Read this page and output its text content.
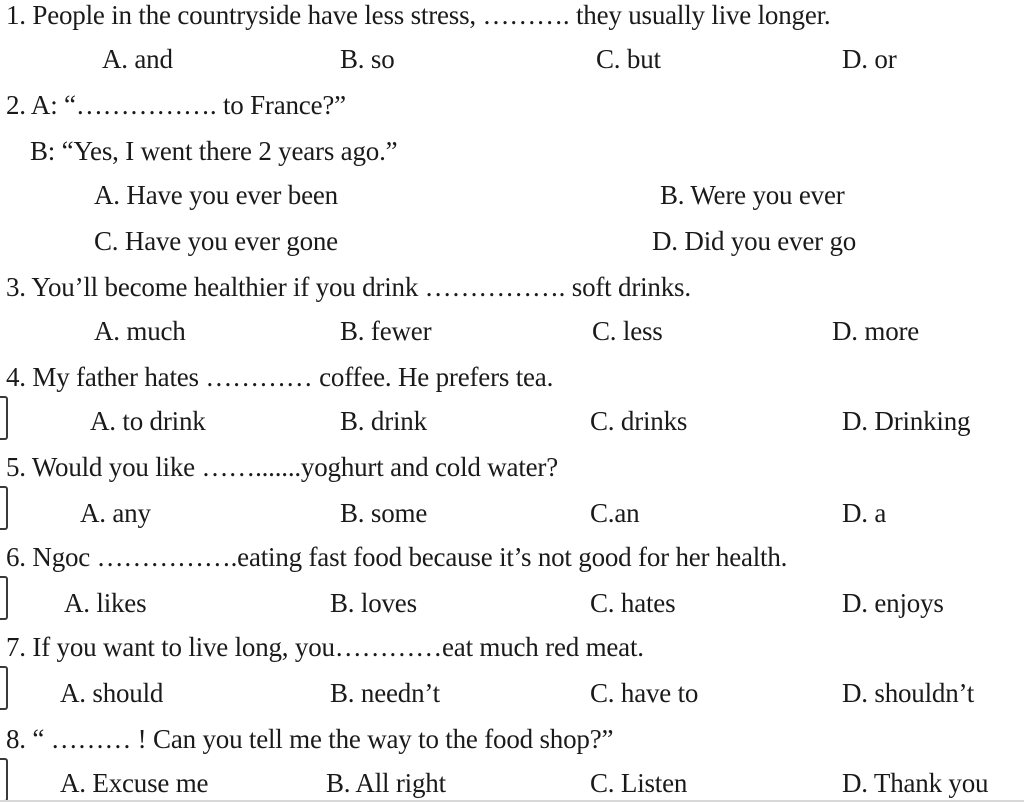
1. People in the countryside have less stress, ………. they usually live longer.
A. and	B. so	C. but	D. or
2. A: “……………. to France?”
B: “Yes, I went there 2 years ago.”
A. Have you ever been	B. Were you ever
C. Have you ever gone	D. Did you ever go
3. You’ll become healthier if you drink ……………. soft drinks.
A. much	B. fewer	C. less	D. more
4. My father hates ………… coffee. He prefers tea.
A. to drink	B. drink	C. drinks	D. Drinking
5. Would you like …….......yoghurt and cold water?
A. any	B. some	C.an	D. a
6. Ngoc …………….eating fast food because it’s not good for her health.
A. likes	B. loves	C. hates	D. enjoys
7. If you want to live long, you…………eat much red meat.
A. should	B. needn’t	C. have to	D. shouldn’t
8. “ ……… ! Can you tell me the way to the food shop?”
A. Excuse me	B. All right	C. Listen	D. Thank you
